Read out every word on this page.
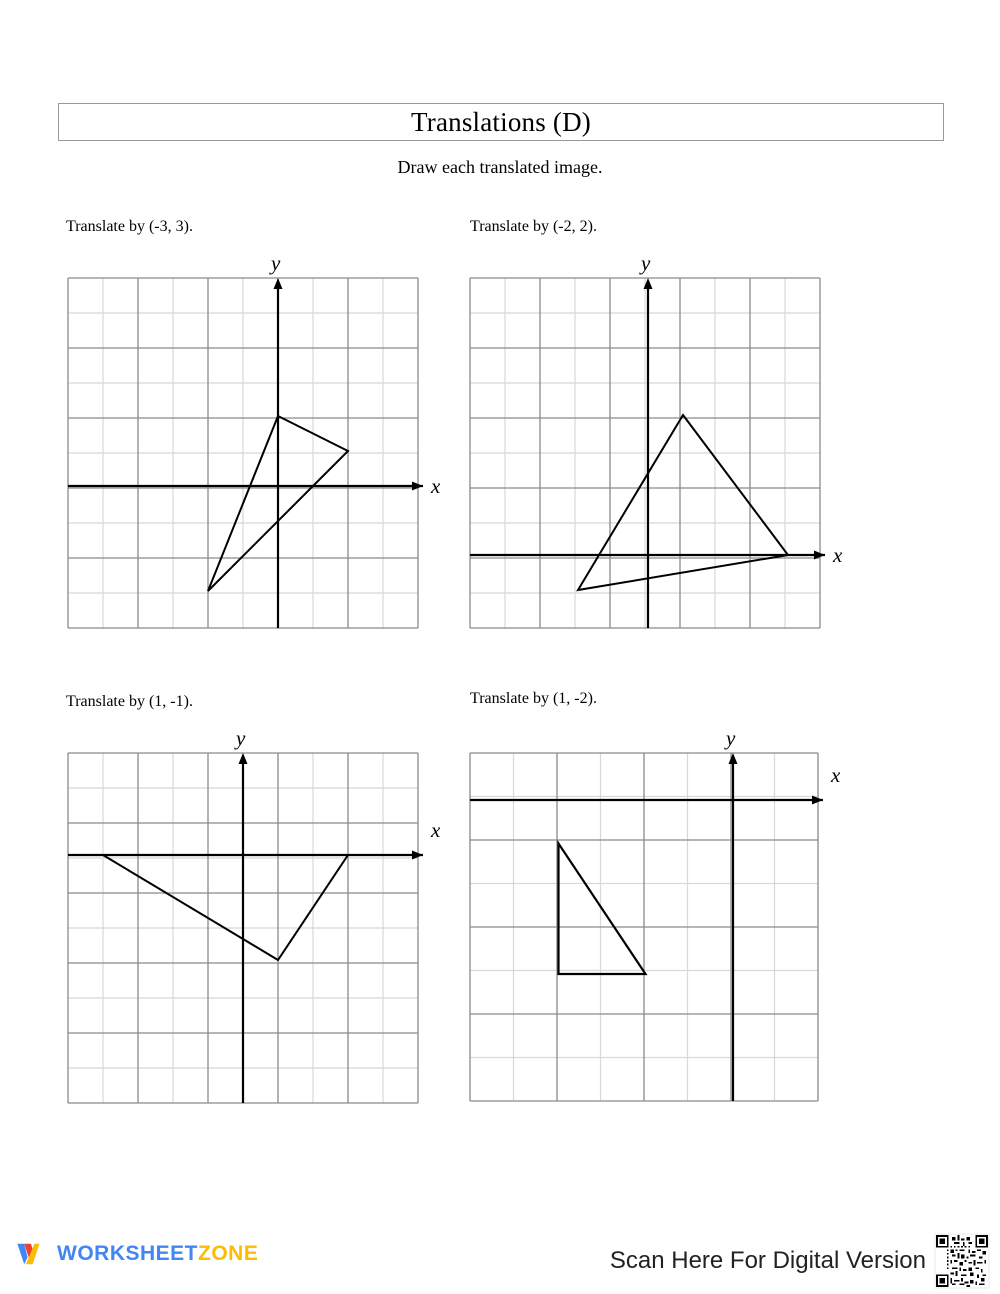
Translations (D)
Draw each translated image.
Translate by (-3, 3).
x
y
Translate by (-2, 2).
x
y
Translate by (1, -1).
x
y
Translate by (1, -2).
x
y
WORKSHEETZONE	Scan Here For Digital Version
